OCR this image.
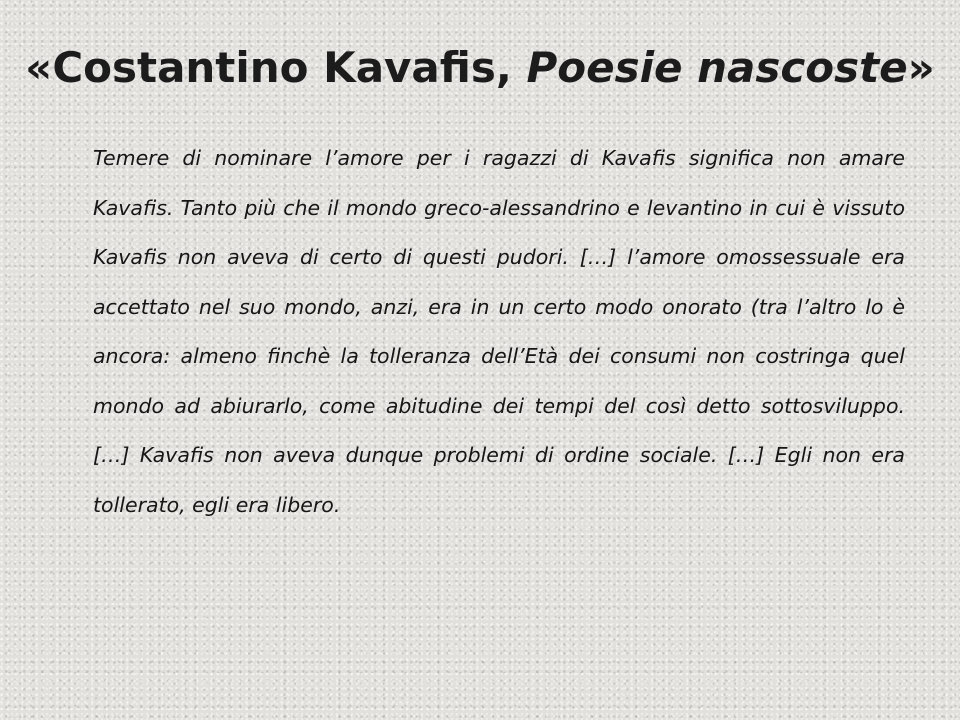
«Costantino Kavafis, Poesie nascoste»

Temere di nominare l’amore per i ragazzi di Kavafis significa non amare Kavafis. Tanto più che il mondo greco-alessandrino e levantino in cui è vissuto Kavafis non aveva di certo di questi pudori. […] l’amore omossessuale era accettato nel suo mondo, anzi, era in un certo modo onorato (tra l’altro lo è ancora: almeno finchè la tolleranza dell’Età dei consumi non costringa quel mondo ad abiurarlo, come abitudine dei tempi del così detto sottosviluppo. […] Kavafis non aveva dunque problemi di ordine sociale. […] Egli non era tollerato, egli era libero.
